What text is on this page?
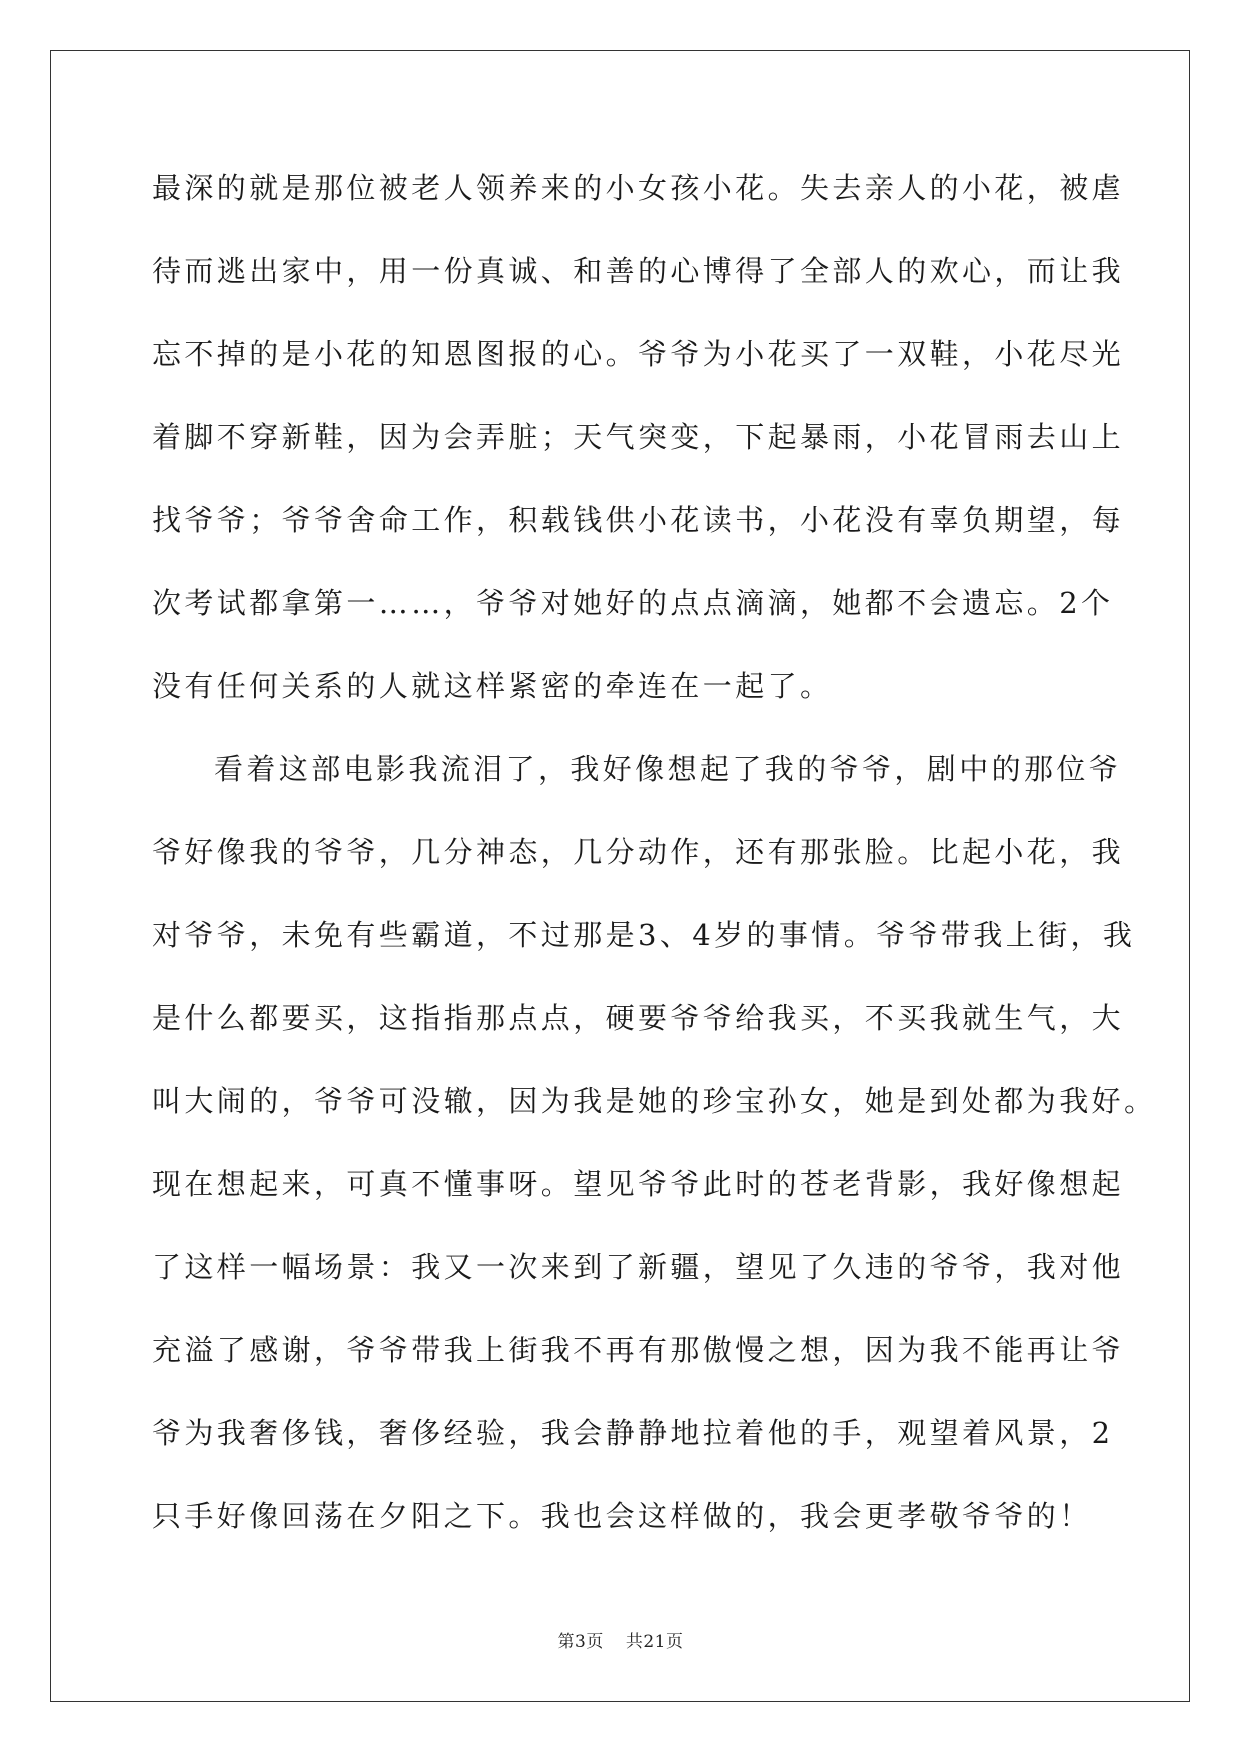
最深的就是那位被老人领养来的小女孩小花。失去亲人的小花，被虐
待而逃出家中，用一份真诚、和善的心博得了全部人的欢心，而让我
忘不掉的是小花的知恩图报的心。爷爷为小花买了一双鞋，小花尽光
着脚不穿新鞋，因为会弄脏；天气突变，下起暴雨，小花冒雨去山上
找爷爷；爷爷舍命工作，积载钱供小花读书，小花没有辜负期望，每
次考试都拿第一……，爷爷对她好的点点滴滴，她都不会遗忘。2个
没有任何关系的人就这样紧密的牵连在一起了。
看着这部电影我流泪了，我好像想起了我的爷爷，剧中的那位爷
爷好像我的爷爷，几分神态，几分动作，还有那张脸。比起小花，我
对爷爷，未免有些霸道，不过那是3、4岁的事情。爷爷带我上街，我
是什么都要买，这指指那点点，硬要爷爷给我买，不买我就生气，大
叫大闹的，爷爷可没辙，因为我是她的珍宝孙女，她是到处都为我好。
现在想起来，可真不懂事呀。望见爷爷此时的苍老背影，我好像想起
了这样一幅场景：我又一次来到了新疆，望见了久违的爷爷，我对他
充溢了感谢，爷爷带我上街我不再有那傲慢之想，因为我不能再让爷
爷为我奢侈钱，奢侈经验，我会静静地拉着他的手，观望着风景，2
只手好像回荡在夕阳之下。我也会这样做的，我会更孝敬爷爷的！
第3页 共21页
